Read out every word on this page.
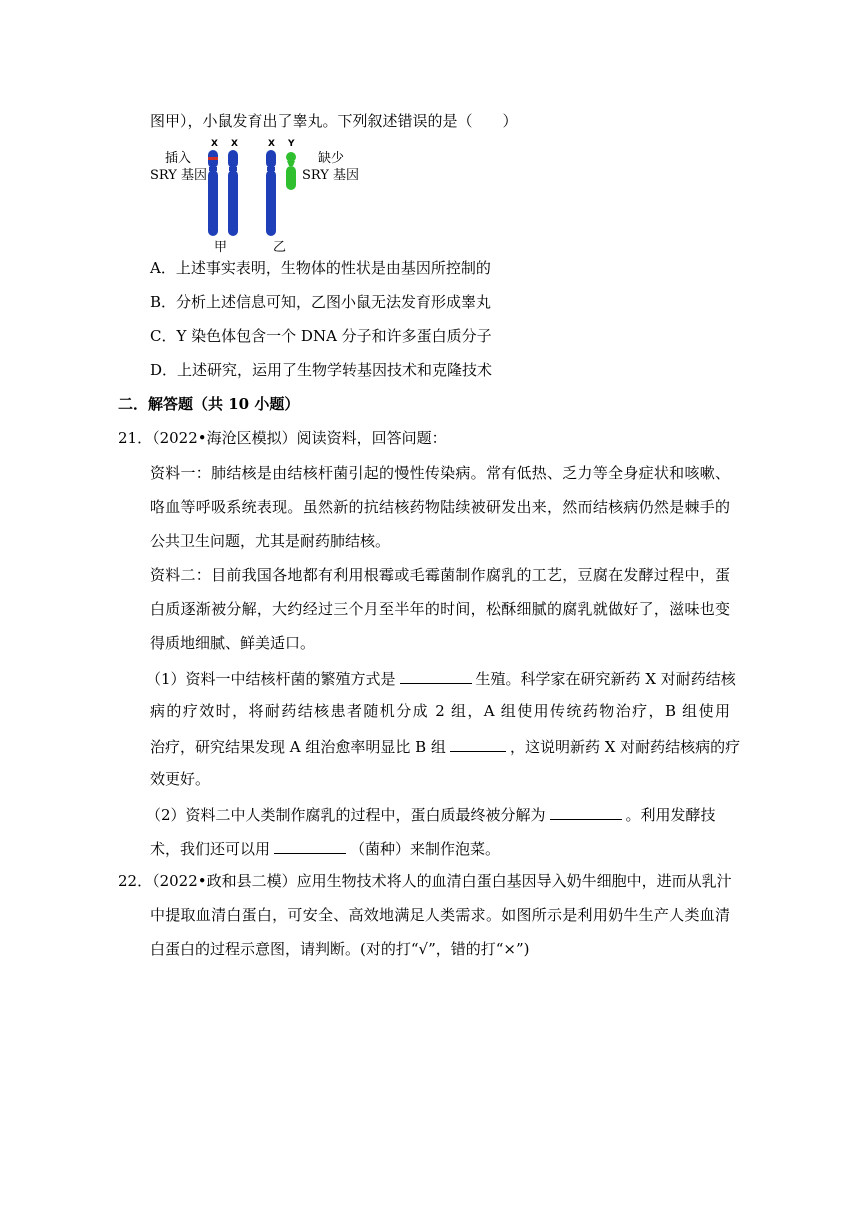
图甲），小鼠发育出了睾丸。下列叙述错误的是（　　）
插入
SRY 基因
缺少
SRY 基因
X X	X Y
甲	乙
A．上述事实表明，生物体的性状是由基因所控制的
B．分析上述信息可知，乙图小鼠无法发育形成睾丸
C．Y 染色体包含一个 DNA 分子和许多蛋白质分子
D．上述研究，运用了生物学转基因技术和克隆技术
二．解答题（共 10 小题）
21．（2022•海沧区模拟）阅读资料，回答问题：
资料一：肺结核是由结核杆菌引起的慢性传染病。常有低热、乏力等全身症状和咳嗽、
咯血等呼吸系统表现。虽然新的抗结核药物陆续被研发出来，然而结核病仍然是棘手的
公共卫生问题，尤其是耐药肺结核。
资料二：目前我国各地都有利用根霉或毛霉菌制作腐乳的工艺，豆腐在发酵过程中，蛋
白质逐渐被分解，大约经过三个月至半年的时间，松酥细腻的腐乳就做好了，滋味也变
得质地细腻、鲜美适口。
（1）资料一中结核杆菌的繁殖方式是	生殖。科学家在研究新药 X 对耐药结核
病的疗效时，将耐药结核患者随机分成 2 组，A 组使用传统药物治疗，B 组使用
治疗，研究结果发现 A 组治愈率明显比 B 组	，这说明新药 X 对耐药结核病的疗
效更好。
（2）资料二中人类制作腐乳的过程中，蛋白质最终被分解为	。利用发酵技
术，我们还可以用	（菌种）来制作泡菜。
22．（2022•政和县二模）应用生物技术将人的血清白蛋白基因导入奶牛细胞中，进而从乳汁
中提取血清白蛋白，可安全、高效地满足人类需求。如图所示是利用奶牛生产人类血清
白蛋白的过程示意图，请判断。(对的打“√”，错的打“×”)
